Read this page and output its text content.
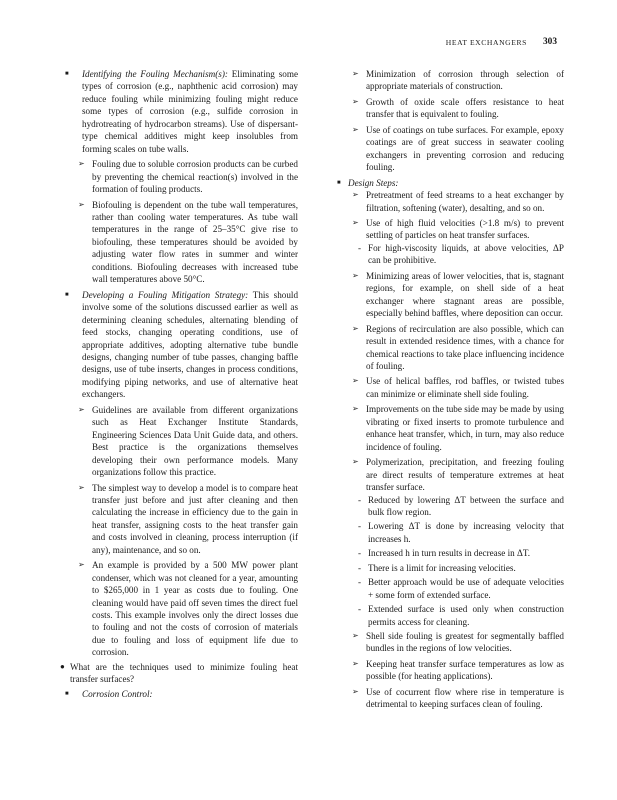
HEAT EXCHANGERS 303
■ Identifying the Fouling Mechanism(s): Eliminating some types of corrosion (e.g., naphthenic acid corrosion) may reduce fouling while minimizing fouling might reduce some types of corrosion (e.g., sulfide corrosion in hydrotreating of hydrocarbon streams). Use of dispersant-type chemical additives might keep insolubles from forming scales on tube walls.
➢ Fouling due to soluble corrosion products can be curbed by preventing the chemical reaction(s) involved in the formation of fouling products.
➢ Biofouling is dependent on the tube wall temperatures, rather than cooling water temperatures. As tube wall temperatures in the range of 25–35°C give rise to biofouling, these temperatures should be avoided by adjusting water flow rates in summer and winter conditions. Biofouling decreases with increased tube wall temperatures above 50°C.
■ Developing a Fouling Mitigation Strategy: This should involve some of the solutions discussed earlier as well as determining cleaning schedules, alternating blending of feed stocks, changing operating conditions, use of appropriate additives, adopting alternative tube bundle designs, changing number of tube passes, changing baffle designs, use of tube inserts, changes in process conditions, modifying piping networks, and use of alternative heat exchangers.
➢ Guidelines are available from different organizations such as Heat Exchanger Institute Standards, Engineering Sciences Data Unit Guide data, and others. Best practice is the organizations themselves developing their own performance models. Many organizations follow this practice.
➢ The simplest way to develop a model is to compare heat transfer just before and just after cleaning and then calculating the increase in efficiency due to the gain in heat transfer, assigning costs to the heat transfer gain and costs involved in cleaning, process interruption (if any), maintenance, and so on.
➢ An example is provided by a 500 MW power plant condenser, which was not cleaned for a year, amounting to $265,000 in 1 year as costs due to fouling. One cleaning would have paid off seven times the direct fuel costs. This example involves only the direct losses due to fouling and not the costs of corrosion of materials due to fouling and loss of equipment life due to corrosion.
● What are the techniques used to minimize fouling heat transfer surfaces?
■ Corrosion Control:
➢ Minimization of corrosion through selection of appropriate materials of construction.
➢ Growth of oxide scale offers resistance to heat transfer that is equivalent to fouling.
➢ Use of coatings on tube surfaces. For example, epoxy coatings are of great success in seawater cooling exchangers in preventing corrosion and reducing fouling.
■ Design Steps:
➢ Pretreatment of feed streams to a heat exchanger by filtration, softening (water), desalting, and so on.
➢ Use of high fluid velocities (>1.8 m/s) to prevent settling of particles on heat transfer surfaces.
- For high-viscosity liquids, at above velocities, ΔP can be prohibitive.
➢ Minimizing areas of lower velocities, that is, stagnant regions, for example, on shell side of a heat exchanger where stagnant areas are possible, especially behind baffles, where deposition can occur.
➢ Regions of recirculation are also possible, which can result in extended residence times, with a chance for chemical reactions to take place influencing incidence of fouling.
➢ Use of helical baffles, rod baffles, or twisted tubes can minimize or eliminate shell side fouling.
➢ Improvements on the tube side may be made by using vibrating or fixed inserts to promote turbulence and enhance heat transfer, which, in turn, may also reduce incidence of fouling.
➢ Polymerization, precipitation, and freezing fouling are direct results of temperature extremes at heat transfer surface.
- Reduced by lowering ΔT between the surface and bulk flow region.
- Lowering ΔT is done by increasing velocity that increases h.
- Increased h in turn results in decrease in ΔT.
- There is a limit for increasing velocities.
- Better approach would be use of adequate velocities + some form of extended surface.
- Extended surface is used only when construction permits access for cleaning.
➢ Shell side fouling is greatest for segmentally baffled bundles in the regions of low velocities.
➢ Keeping heat transfer surface temperatures as low as possible (for heating applications).
➢ Use of cocurrent flow where rise in temperature is detrimental to keeping surfaces clean of fouling.
